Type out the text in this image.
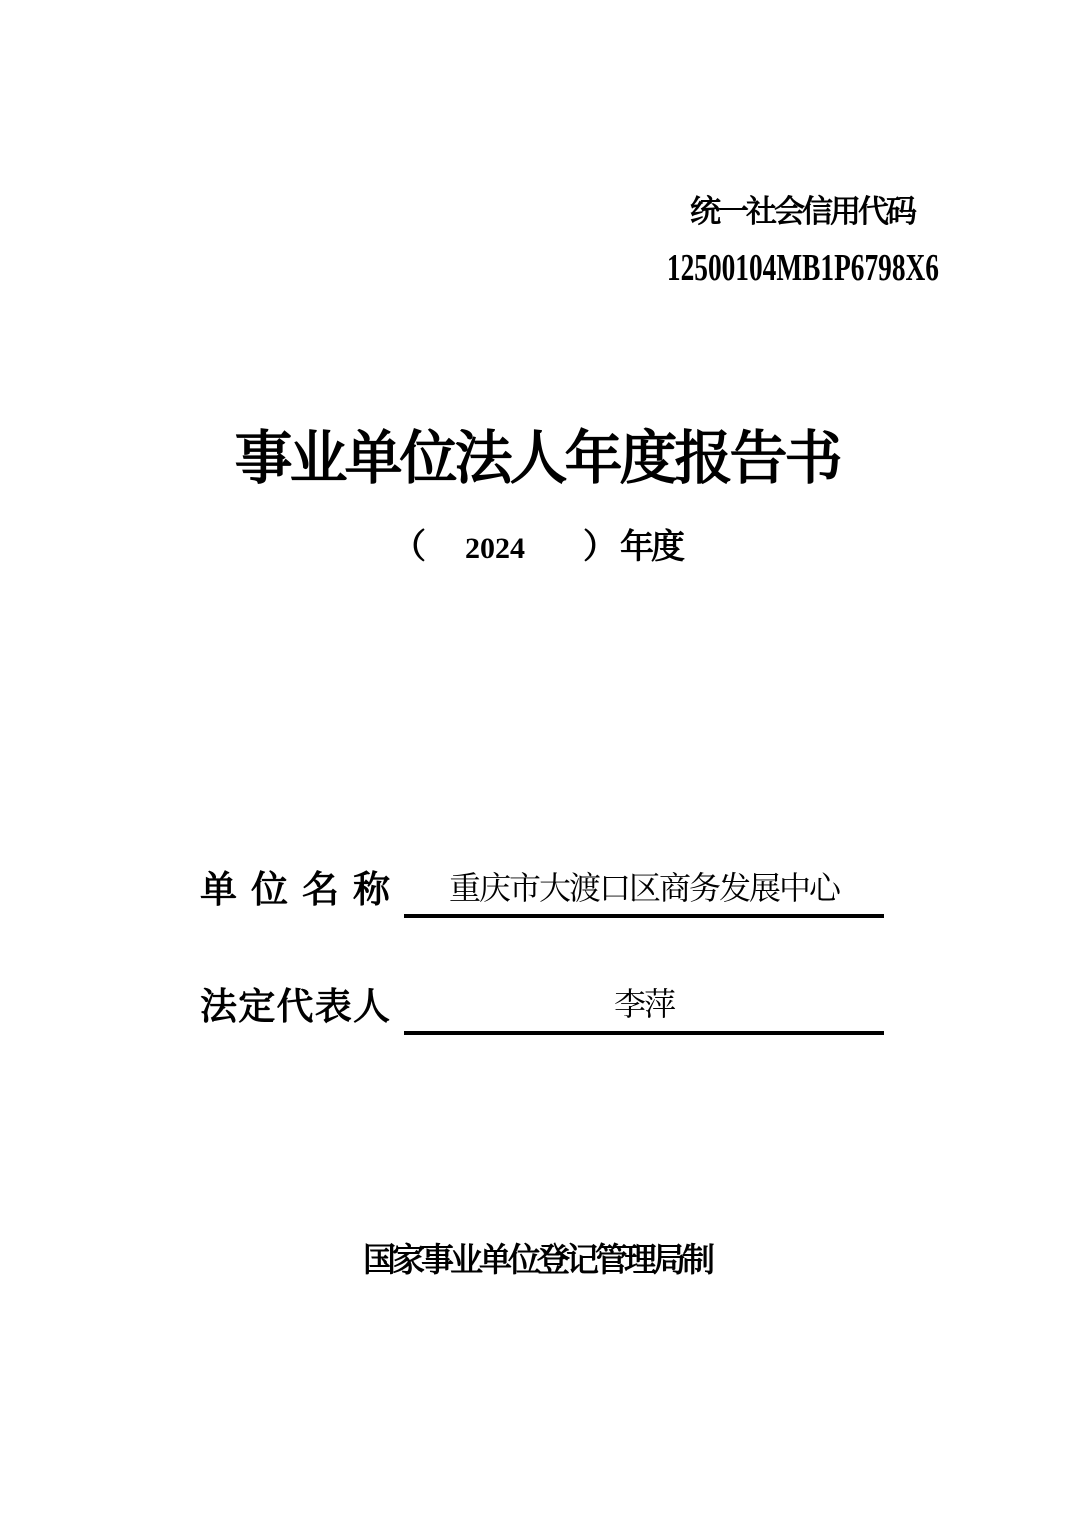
统一社会信用代码
12500104MB1P6798X6
事业单位法人年度报告书
（ 2024 ） 年度
单 位 名 称	重庆市大渡口区商务发展中心
法 定 代 表 人	李萍
国家事业单位登记管理局制
